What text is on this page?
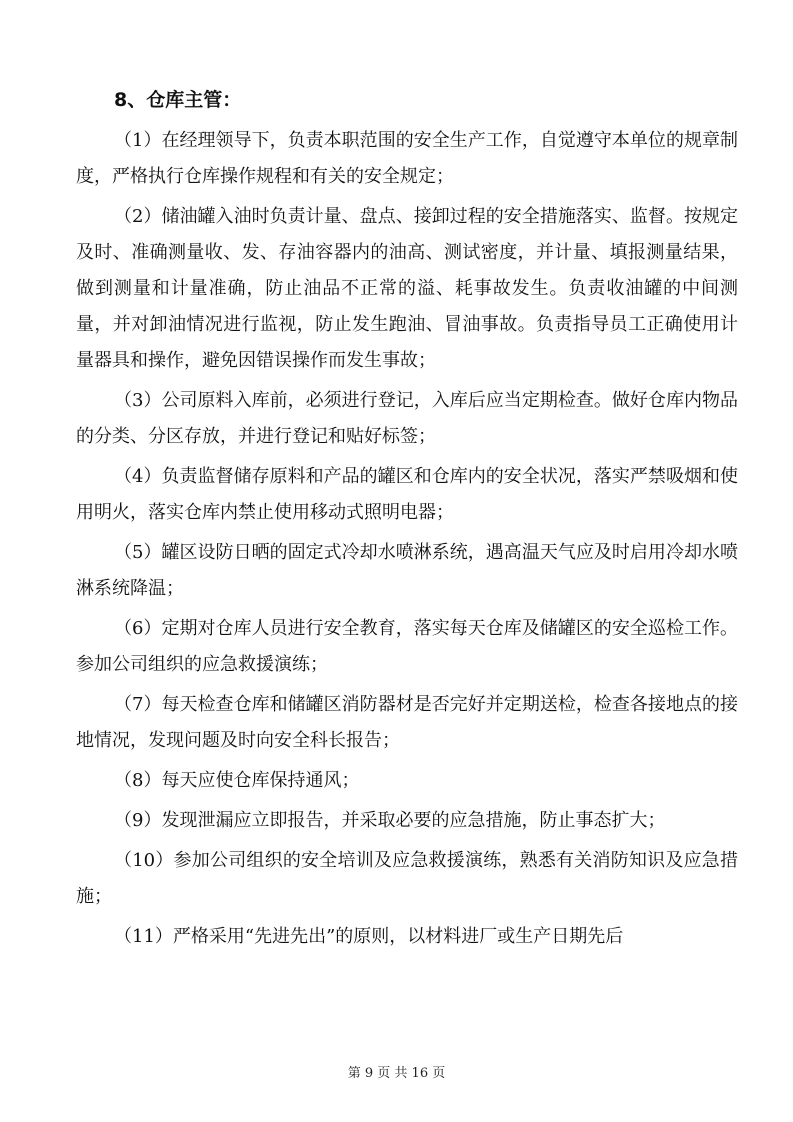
8、仓库主管：

（1）在经理领导下，负责本职范围的安全生产工作，自觉遵守本单位的规章制度，严格执行仓库操作规程和有关的安全规定；

（2）储油罐入油时负责计量、盘点、接卸过程的安全措施落实、监督。按规定及时、准确测量收、发、存油容器内的油高、测试密度，并计量、填报测量结果，做到测量和计量准确，防止油品不正常的溢、耗事故发生。负责收油罐的中间测量，并对卸油情况进行监视，防止发生跑油、冒油事故。负责指导员工正确使用计量器具和操作，避免因错误操作而发生事故；

（3）公司原料入库前，必须进行登记，入库后应当定期检查。做好仓库内物品的分类、分区存放，并进行登记和贴好标签；

（4）负责监督储存原料和产品的罐区和仓库内的安全状况，落实严禁吸烟和使用明火，落实仓库内禁止使用移动式照明电器；

（5）罐区设防日晒的固定式冷却水喷淋系统，遇高温天气应及时启用冷却水喷淋系统降温；

（6）定期对仓库人员进行安全教育，落实每天仓库及储罐区的安全巡检工作。参加公司组织的应急救援演练；

（7）每天检查仓库和储罐区消防器材是否完好并定期送检，检查各接地点的接地情况，发现问题及时向安全科长报告；

（8）每天应使仓库保持通风；

（9）发现泄漏应立即报告，并采取必要的应急措施，防止事态扩大；

（10）参加公司组织的安全培训及应急救援演练，熟悉有关消防知识及应急措施；

（11）严格采用“先进先出”的原则，以材料进厂或生产日期先后

第 9 页 共 16 页
